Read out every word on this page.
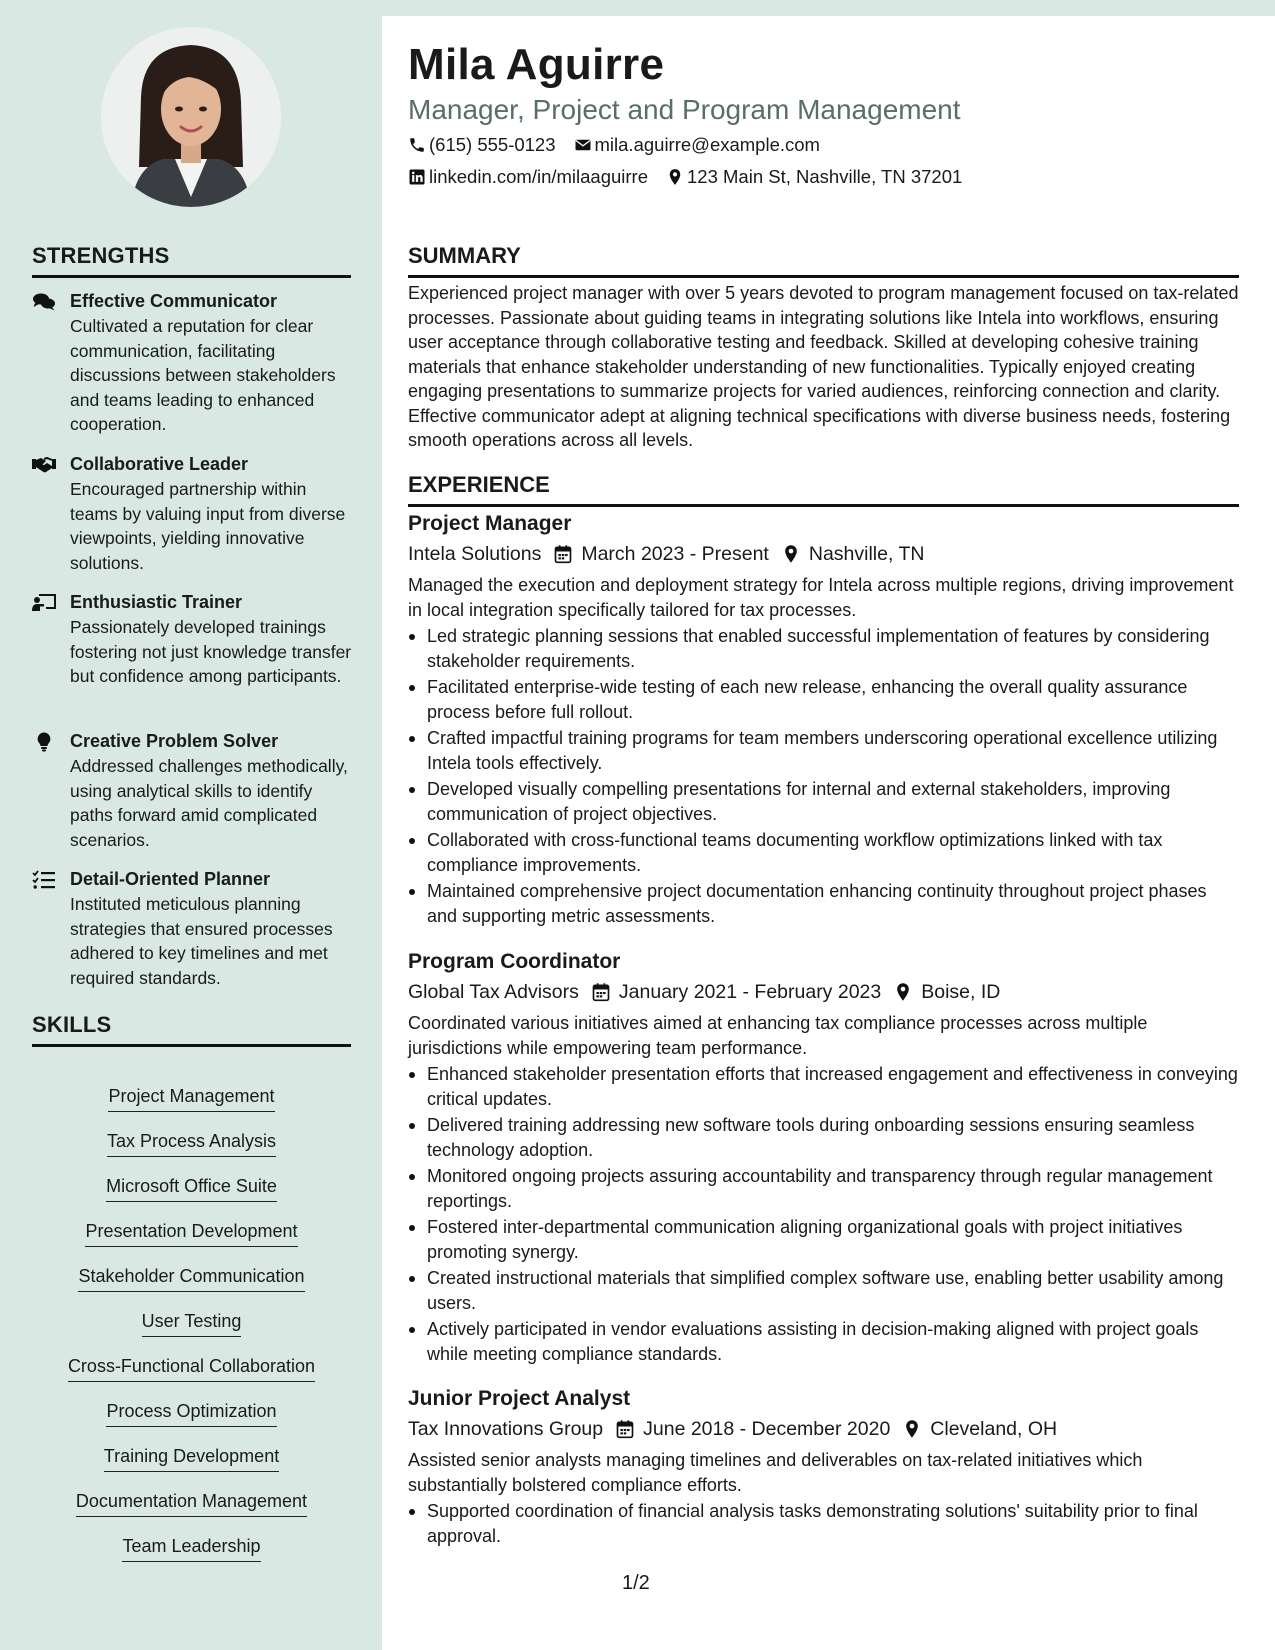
Mila Aguirre
Manager, Project and Program Management
(615) 555-0123 mila.aguirre@example.com
linkedin.com/in/milaaguirre 123 Main St, Nashville, TN 37201
STRENGTHS
Effective Communicator
Cultivated a reputation for clear communication, facilitating discussions between stakeholders and teams leading to enhanced cooperation.
Collaborative Leader
Encouraged partnership within teams by valuing input from diverse viewpoints, yielding innovative solutions.
Enthusiastic Trainer
Passionately developed trainings fostering not just knowledge transfer but confidence among participants.
Creative Problem Solver
Addressed challenges methodically, using analytical skills to identify paths forward amid complicated scenarios.
Detail-Oriented Planner
Instituted meticulous planning strategies that ensured processes adhered to key timelines and met required standards.
SKILLS
Project Management
Tax Process Analysis
Microsoft Office Suite
Presentation Development
Stakeholder Communication
User Testing
Cross-Functional Collaboration
Process Optimization
Training Development
Documentation Management
Team Leadership
SUMMARY
Experienced project manager with over 5 years devoted to program management focused on tax-related processes. Passionate about guiding teams in integrating solutions like Intela into workflows, ensuring user acceptance through collaborative testing and feedback. Skilled at developing cohesive training materials that enhance stakeholder understanding of new functionalities. Typically enjoyed creating engaging presentations to summarize projects for varied audiences, reinforcing connection and clarity. Effective communicator adept at aligning technical specifications with diverse business needs, fostering smooth operations across all levels.
EXPERIENCE
Project Manager
Intela Solutions March 2023 - Present Nashville, TN
Managed the execution and deployment strategy for Intela across multiple regions, driving improvement in local integration specifically tailored for tax processes.
Led strategic planning sessions that enabled successful implementation of features by considering stakeholder requirements.
Facilitated enterprise-wide testing of each new release, enhancing the overall quality assurance process before full rollout.
Crafted impactful training programs for team members underscoring operational excellence utilizing Intela tools effectively.
Developed visually compelling presentations for internal and external stakeholders, improving communication of project objectives.
Collaborated with cross-functional teams documenting workflow optimizations linked with tax compliance improvements.
Maintained comprehensive project documentation enhancing continuity throughout project phases and supporting metric assessments.
Program Coordinator
Global Tax Advisors January 2021 - February 2023 Boise, ID
Coordinated various initiatives aimed at enhancing tax compliance processes across multiple jurisdictions while empowering team performance.
Enhanced stakeholder presentation efforts that increased engagement and effectiveness in conveying critical updates.
Delivered training addressing new software tools during onboarding sessions ensuring seamless technology adoption.
Monitored ongoing projects assuring accountability and transparency through regular management reportings.
Fostered inter-departmental communication aligning organizational goals with project initiatives promoting synergy.
Created instructional materials that simplified complex software use, enabling better usability among users.
Actively participated in vendor evaluations assisting in decision-making aligned with project goals while meeting compliance standards.
Junior Project Analyst
Tax Innovations Group June 2018 - December 2020 Cleveland, OH
Assisted senior analysts managing timelines and deliverables on tax-related initiatives which substantially bolstered compliance efforts.
Supported coordination of financial analysis tasks demonstrating solutions' suitability prior to final approval.
1/2
